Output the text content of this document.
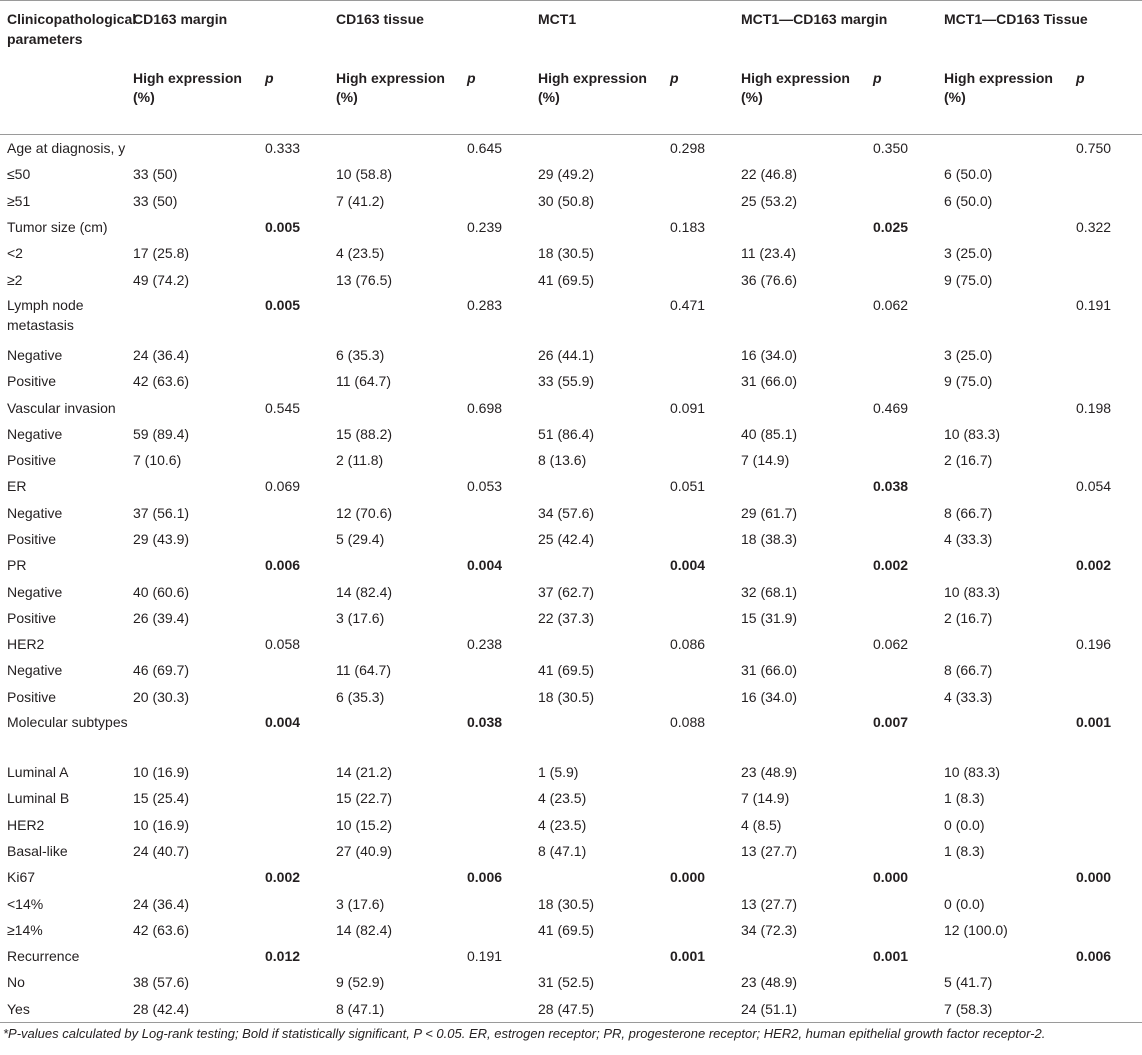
Clinicopathological parameters	CD163 margin		CD163 tissue		MCT1		MCT1—CD163 margin		MCT1—CD163 Tissue	
	High expression (%)	p	High expression (%)	p	High expression (%)	p	High expression (%)	p	High expression (%)	p
Age at diagnosis, y		0.333		0.645		0.298		0.350		0.750
≤50	33 (50)		10 (58.8)		29 (49.2)		22 (46.8)		6 (50.0)	
≥51	33 (50)		7 (41.2)		30 (50.8)		25 (53.2)		6 (50.0)	
Tumor size (cm)		0.005		0.239		0.183		0.025		0.322
<2	17 (25.8)		4 (23.5)		18 (30.5)		11 (23.4)		3 (25.0)	
≥2	49 (74.2)		13 (76.5)		41 (69.5)		36 (76.6)		9 (75.0)	
Lymph node metastasis		0.005		0.283		0.471		0.062		0.191
Negative	24 (36.4)		6 (35.3)		26 (44.1)		16 (34.0)		3 (25.0)	
Positive	42 (63.6)		11 (64.7)		33 (55.9)		31 (66.0)		9 (75.0)	
Vascular invasion		0.545		0.698		0.091		0.469		0.198
Negative	59 (89.4)		15 (88.2)		51 (86.4)		40 (85.1)		10 (83.3)	
Positive	7 (10.6)		2 (11.8)		8 (13.6)		7 (14.9)		2 (16.7)	
ER		0.069		0.053		0.051		0.038		0.054
Negative	37 (56.1)		12 (70.6)		34 (57.6)		29 (61.7)		8 (66.7)	
Positive	29 (43.9)		5 (29.4)		25 (42.4)		18 (38.3)		4 (33.3)	
PR		0.006		0.004		0.004		0.002		0.002
Negative	40 (60.6)		14 (82.4)		37 (62.7)		32 (68.1)		10 (83.3)	
Positive	26 (39.4)		3 (17.6)		22 (37.3)		15 (31.9)		2 (16.7)	
HER2		0.058		0.238		0.086		0.062		0.196
Negative	46 (69.7)		11 (64.7)		41 (69.5)		31 (66.0)		8 (66.7)	
Positive	20 (30.3)		6 (35.3)		18 (30.5)		16 (34.0)		4 (33.3)	
Molecular subtypes		0.004		0.038		0.088		0.007		0.001
Luminal A	10 (16.9)		14 (21.2)		1 (5.9)		23 (48.9)		10 (83.3)	
Luminal B	15 (25.4)		15 (22.7)		4 (23.5)		7 (14.9)		1 (8.3)	
HER2	10 (16.9)		10 (15.2)		4 (23.5)		4 (8.5)		0 (0.0)	
Basal-like	24 (40.7)		27 (40.9)		8 (47.1)		13 (27.7)		1 (8.3)	
Ki67		0.002		0.006		0.000		0.000		0.000
<14%	24 (36.4)		3 (17.6)		18 (30.5)		13 (27.7)		0 (0.0)	
≥14%	42 (63.6)		14 (82.4)		41 (69.5)		34 (72.3)		12 (100.0)	
Recurrence		0.012		0.191		0.001		0.001		0.006
No	38 (57.6)		9 (52.9)		31 (52.5)		23 (48.9)		5 (41.7)	
Yes	28 (42.4)		8 (47.1)		28 (47.5)		24 (51.1)		7 (58.3)	
*P-values calculated by Log-rank testing; Bold if statistically significant, P < 0.05. ER, estrogen receptor; PR, progesterone receptor; HER2, human epithelial growth factor receptor-2.
